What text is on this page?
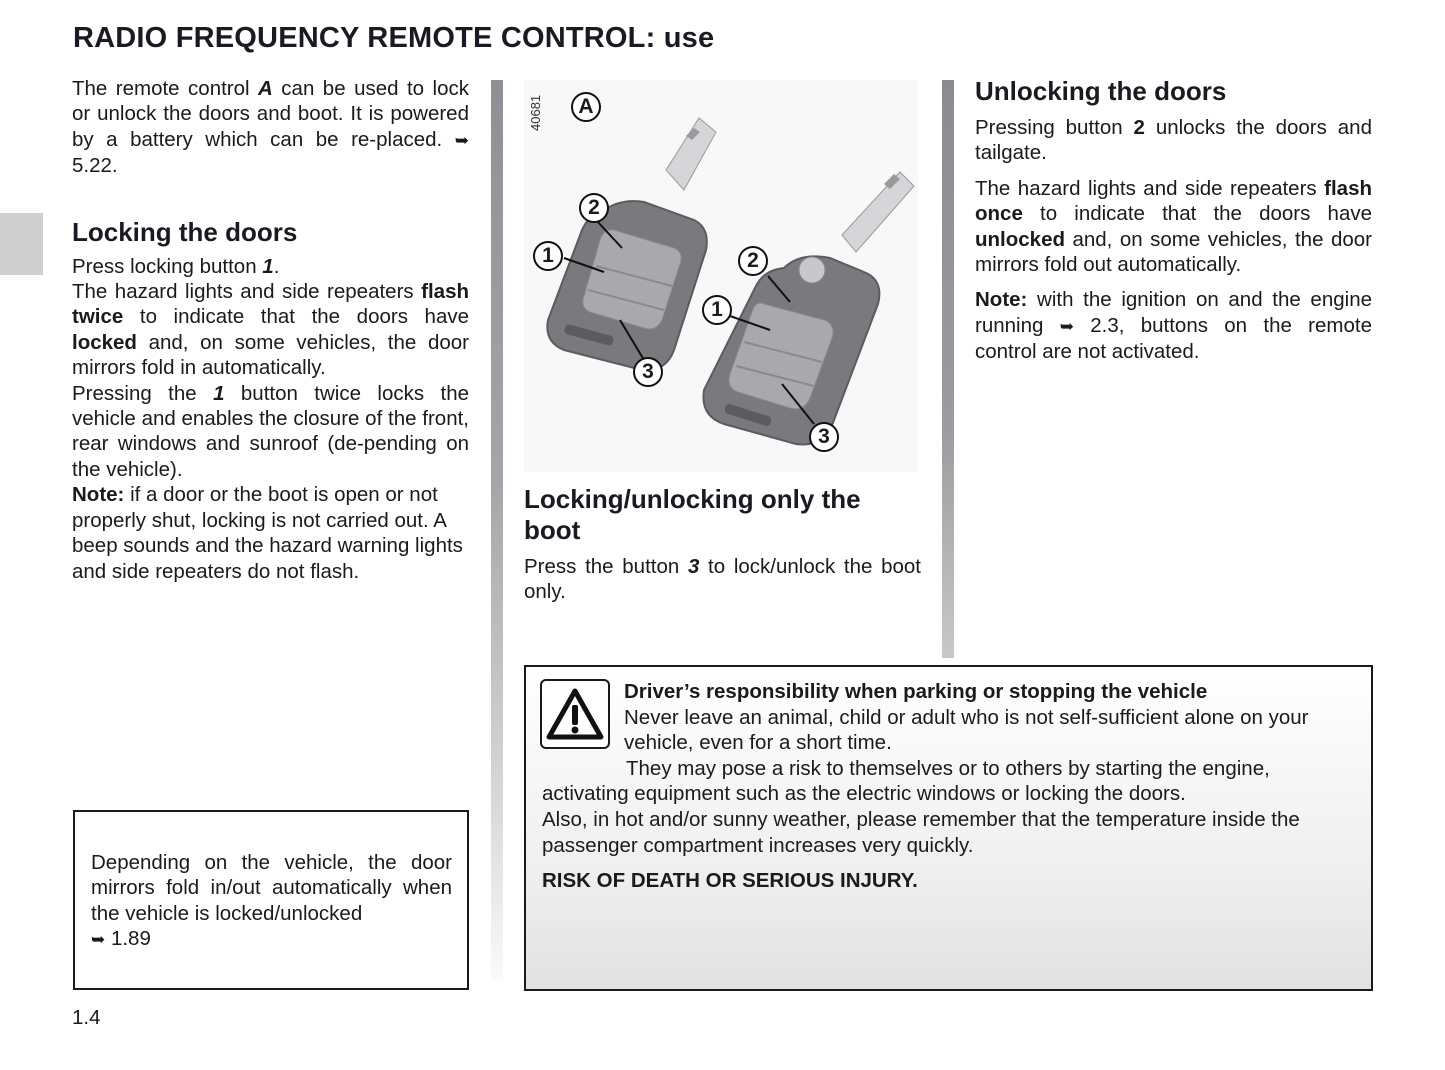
RADIO FREQUENCY REMOTE CONTROL: use

The remote control A can be used to lock or unlock the doors and boot. It is powered by a battery which can be re-placed. ➥ 5.22.

Locking the doors

Press locking button 1.

The hazard lights and side repeaters flash twice to indicate that the doors have locked and, on some vehicles, the door mirrors fold in automatically.

Pressing the 1 button twice locks the vehicle and enables the closure of the front, rear windows and sunroof (de-pending on the vehicle).

Note: if a door or the boot is open or not properly shut, locking is not carried out. A beep sounds and the hazard warning lights and side repeaters do not flash.

A
1
2
3
1
2
3
40681
Locking/unlocking only the boot

Press the button 3 to lock/unlock the boot only.

Unlocking the doors

Pressing button 2 unlocks the doors and tailgate.

The hazard lights and side repeaters flash once to indicate that the doors have unlocked and, on some vehicles, the door mirrors fold out automatically.

Note: with the ignition on and the engine running ➥ 2.3, buttons on the remote control are not activated.

Depending on the vehicle, the door mirrors fold in/out automatically when the vehicle is locked/unlocked

➥ 1.89

Driver’s responsibility when parking or stopping the vehicle

Never leave an animal, child or adult who is not self-sufficient alone on your vehicle, even for a short time.

They may pose a risk to themselves or to others by starting the engine, activating equipment such as the electric windows or locking the doors.

Also, in hot and/or sunny weather, please remember that the temperature inside the passenger compartment increases very quickly.

RISK OF DEATH OR SERIOUS INJURY.

1.4
